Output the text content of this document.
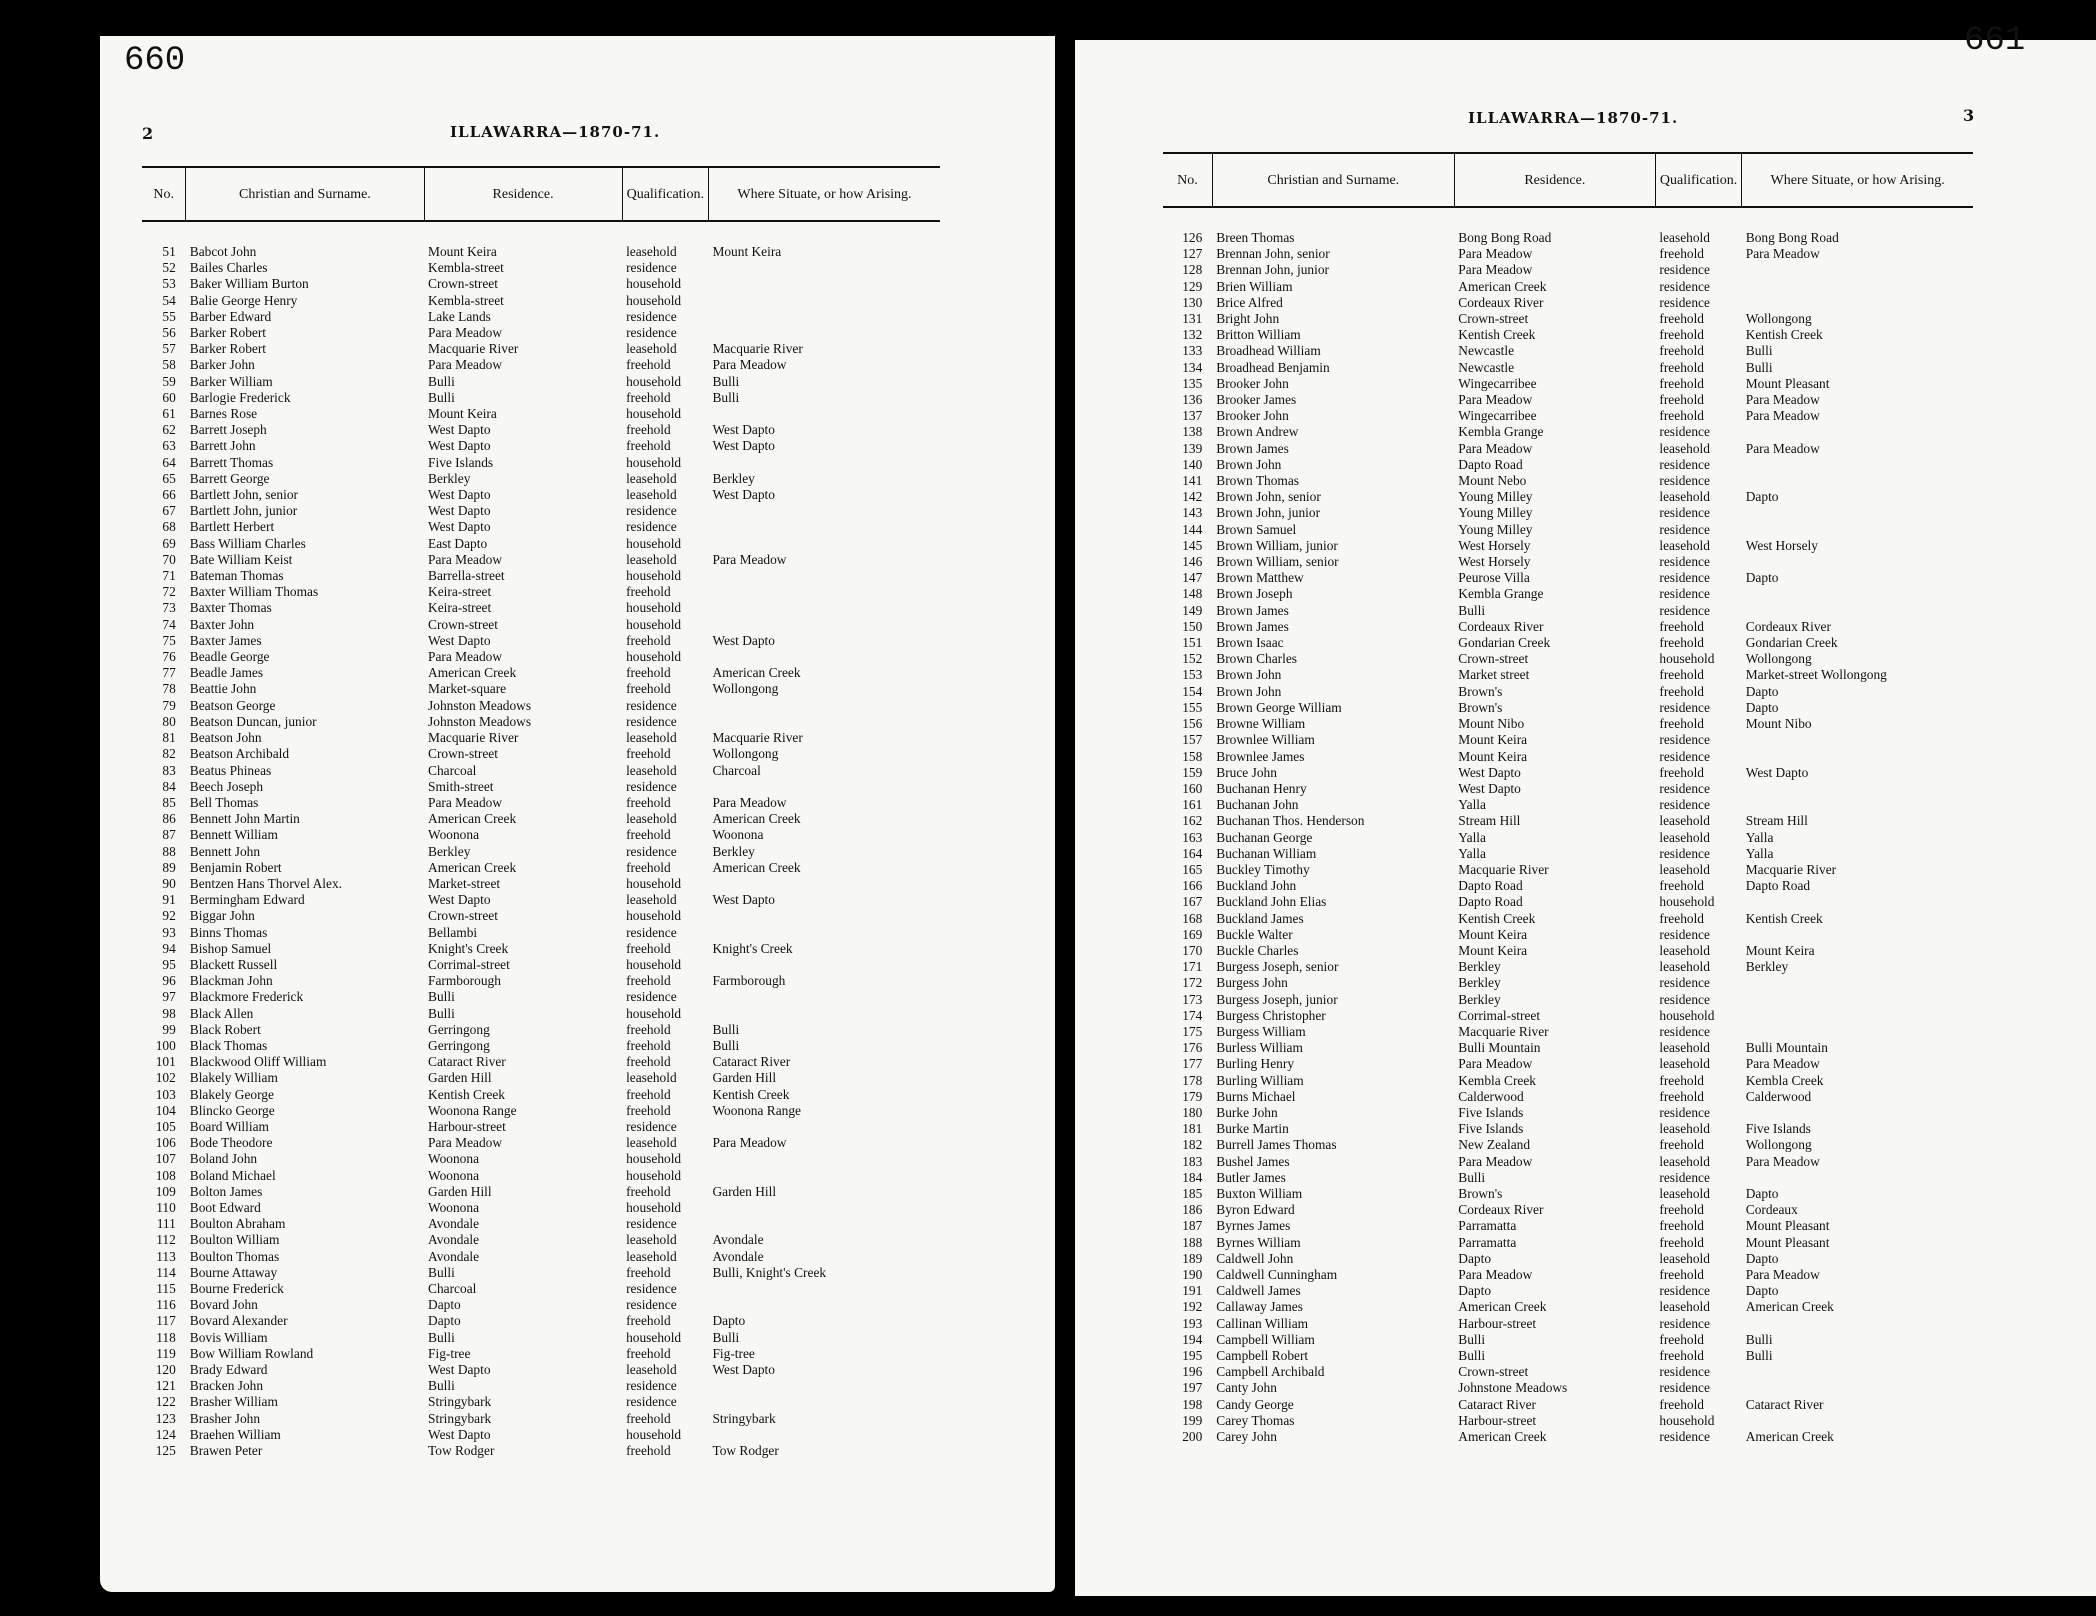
660
661
2
3
ILLAWARRA—1870-71.
ILLAWARRA—1870-71.
No.	Christian and Surname.	Residence.	Qualification.	Where Situate, or how Arising.
51	Babcot John	Mount Keira	leasehold	Mount Keira
52	Bailes Charles	Kembla-street	residence	
53	Baker William Burton	Crown-street	household	
54	Balie George Henry	Kembla-street	household	
55	Barber Edward	Lake Lands	residence	
56	Barker Robert	Para Meadow	residence	
57	Barker Robert	Macquarie River	leasehold	Macquarie River
58	Barker John	Para Meadow	freehold	Para Meadow
59	Barker William	Bulli	household	Bulli
60	Barlogie Frederick	Bulli	freehold	Bulli
61	Barnes Rose	Mount Keira	household	
62	Barrett Joseph	West Dapto	freehold	West Dapto
63	Barrett John	West Dapto	freehold	West Dapto
64	Barrett Thomas	Five Islands	household	
65	Barrett George	Berkley	leasehold	Berkley
66	Bartlett John, senior	West Dapto	leasehold	West Dapto
67	Bartlett John, junior	West Dapto	residence	
68	Bartlett Herbert	West Dapto	residence	
69	Bass William Charles	East Dapto	household	
70	Bate William Keist	Para Meadow	leasehold	Para Meadow
71	Bateman Thomas	Barrella-street	household	
72	Baxter William Thomas	Keira-street	freehold	
73	Baxter Thomas	Keira-street	household	
74	Baxter John	Crown-street	household	
75	Baxter James	West Dapto	freehold	West Dapto
76	Beadle George	Para Meadow	household	
77	Beadle James	American Creek	freehold	American Creek
78	Beattie John	Market-square	freehold	Wollongong
79	Beatson George	Johnston Meadows	residence	
80	Beatson Duncan, junior	Johnston Meadows	residence	
81	Beatson John	Macquarie River	leasehold	Macquarie River
82	Beatson Archibald	Crown-street	freehold	Wollongong
83	Beatus Phineas	Charcoal	leasehold	Charcoal
84	Beech Joseph	Smith-street	residence	
85	Bell Thomas	Para Meadow	freehold	Para Meadow
86	Bennett John Martin	American Creek	leasehold	American Creek
87	Bennett William	Woonona	freehold	Woonona
88	Bennett John	Berkley	residence	Berkley
89	Benjamin Robert	American Creek	freehold	American Creek
90	Bentzen Hans Thorvel Alex.	Market-street	household	
91	Bermingham Edward	West Dapto	leasehold	West Dapto
92	Biggar John	Crown-street	household	
93	Binns Thomas	Bellambi	residence	
94	Bishop Samuel	Knight's Creek	freehold	Knight's Creek
95	Blackett Russell	Corrimal-street	household	
96	Blackman John	Farmborough	freehold	Farmborough
97	Blackmore Frederick	Bulli	residence	
98	Black Allen	Bulli	household	
99	Black Robert	Gerringong	freehold	Bulli
100	Black Thomas	Gerringong	freehold	Bulli
101	Blackwood Oliff William	Cataract River	freehold	Cataract River
102	Blakely William	Garden Hill	leasehold	Garden Hill
103	Blakely George	Kentish Creek	freehold	Kentish Creek
104	Blincko George	Woonona Range	freehold	Woonona Range
105	Board William	Harbour-street	residence	
106	Bode Theodore	Para Meadow	leasehold	Para Meadow
107	Boland John	Woonona	household	
108	Boland Michael	Woonona	household	
109	Bolton James	Garden Hill	freehold	Garden Hill
110	Boot Edward	Woonona	household	
111	Boulton Abraham	Avondale	residence	
112	Boulton William	Avondale	leasehold	Avondale
113	Boulton Thomas	Avondale	leasehold	Avondale
114	Bourne Attaway	Bulli	freehold	Bulli, Knight's Creek
115	Bourne Frederick	Charcoal	residence	
116	Bovard John	Dapto	residence	
117	Bovard Alexander	Dapto	freehold	Dapto
118	Bovis William	Bulli	household	Bulli
119	Bow William Rowland	Fig-tree	freehold	Fig-tree
120	Brady Edward	West Dapto	leasehold	West Dapto
121	Bracken John	Bulli	residence	
122	Brasher William	Stringybark	residence	
123	Brasher John	Stringybark	freehold	Stringybark
124	Braehen William	West Dapto	household	
125	Brawen Peter	Tow Rodger	freehold	Tow Rodger
No.	Christian and Surname.	Residence.	Qualification.	Where Situate, or how Arising.
126	Breen Thomas	Bong Bong Road	leasehold	Bong Bong Road
127	Brennan John, senior	Para Meadow	freehold	Para Meadow
128	Brennan John, junior	Para Meadow	residence	
129	Brien William	American Creek	residence	
130	Brice Alfred	Cordeaux River	residence	
131	Bright John	Crown-street	freehold	Wollongong
132	Britton William	Kentish Creek	freehold	Kentish Creek
133	Broadhead William	Newcastle	freehold	Bulli
134	Broadhead Benjamin	Newcastle	freehold	Bulli
135	Brooker John	Wingecarribee	freehold	Mount Pleasant
136	Brooker James	Para Meadow	freehold	Para Meadow
137	Brooker John	Wingecarribee	freehold	Para Meadow
138	Brown Andrew	Kembla Grange	residence	
139	Brown James	Para Meadow	leasehold	Para Meadow
140	Brown John	Dapto Road	residence	
141	Brown Thomas	Mount Nebo	residence	
142	Brown John, senior	Young Milley	leasehold	Dapto
143	Brown John, junior	Young Milley	residence	
144	Brown Samuel	Young Milley	residence	
145	Brown William, junior	West Horsely	leasehold	West Horsely
146	Brown William, senior	West Horsely	residence	
147	Brown Matthew	Peurose Villa	residence	Dapto
148	Brown Joseph	Kembla Grange	residence	
149	Brown James	Bulli	residence	
150	Brown James	Cordeaux River	freehold	Cordeaux River
151	Brown Isaac	Gondarian Creek	freehold	Gondarian Creek
152	Brown Charles	Crown-street	household	Wollongong
153	Brown John	Market street	freehold	Market-street Wollongong
154	Brown John	Brown's	freehold	Dapto
155	Brown George William	Brown's	residence	Dapto
156	Browne William	Mount Nibo	freehold	Mount Nibo
157	Brownlee William	Mount Keira	residence	
158	Brownlee James	Mount Keira	residence	
159	Bruce John	West Dapto	freehold	West Dapto
160	Buchanan Henry	West Dapto	residence	
161	Buchanan John	Yalla	residence	
162	Buchanan Thos. Henderson	Stream Hill	leasehold	Stream Hill
163	Buchanan George	Yalla	leasehold	Yalla
164	Buchanan William	Yalla	residence	Yalla
165	Buckley Timothy	Macquarie River	leasehold	Macquarie River
166	Buckland John	Dapto Road	freehold	Dapto Road
167	Buckland John Elias	Dapto Road	household	
168	Buckland James	Kentish Creek	freehold	Kentish Creek
169	Buckle Walter	Mount Keira	residence	
170	Buckle Charles	Mount Keira	leasehold	Mount Keira
171	Burgess Joseph, senior	Berkley	leasehold	Berkley
172	Burgess John	Berkley	residence	
173	Burgess Joseph, junior	Berkley	residence	
174	Burgess Christopher	Corrimal-street	household	
175	Burgess William	Macquarie River	residence	
176	Burless William	Bulli Mountain	leasehold	Bulli Mountain
177	Burling Henry	Para Meadow	leasehold	Para Meadow
178	Burling William	Kembla Creek	freehold	Kembla Creek
179	Burns Michael	Calderwood	freehold	Calderwood
180	Burke John	Five Islands	residence	
181	Burke Martin	Five Islands	leasehold	Five Islands
182	Burrell James Thomas	New Zealand	freehold	Wollongong
183	Bushel James	Para Meadow	leasehold	Para Meadow
184	Butler James	Bulli	residence	
185	Buxton William	Brown's	leasehold	Dapto
186	Byron Edward	Cordeaux River	freehold	Cordeaux
187	Byrnes James	Parramatta	freehold	Mount Pleasant
188	Byrnes William	Parramatta	freehold	Mount Pleasant
189	Caldwell John	Dapto	leasehold	Dapto
190	Caldwell Cunningham	Para Meadow	freehold	Para Meadow
191	Caldwell James	Dapto	residence	Dapto
192	Callaway James	American Creek	leasehold	American Creek
193	Callinan William	Harbour-street	residence	
194	Campbell William	Bulli	freehold	Bulli
195	Campbell Robert	Bulli	freehold	Bulli
196	Campbell Archibald	Crown-street	residence	
197	Canty John	Johnstone Meadows	residence	
198	Candy George	Cataract River	freehold	Cataract River
199	Carey Thomas	Harbour-street	household	
200	Carey John	American Creek	residence	American Creek
